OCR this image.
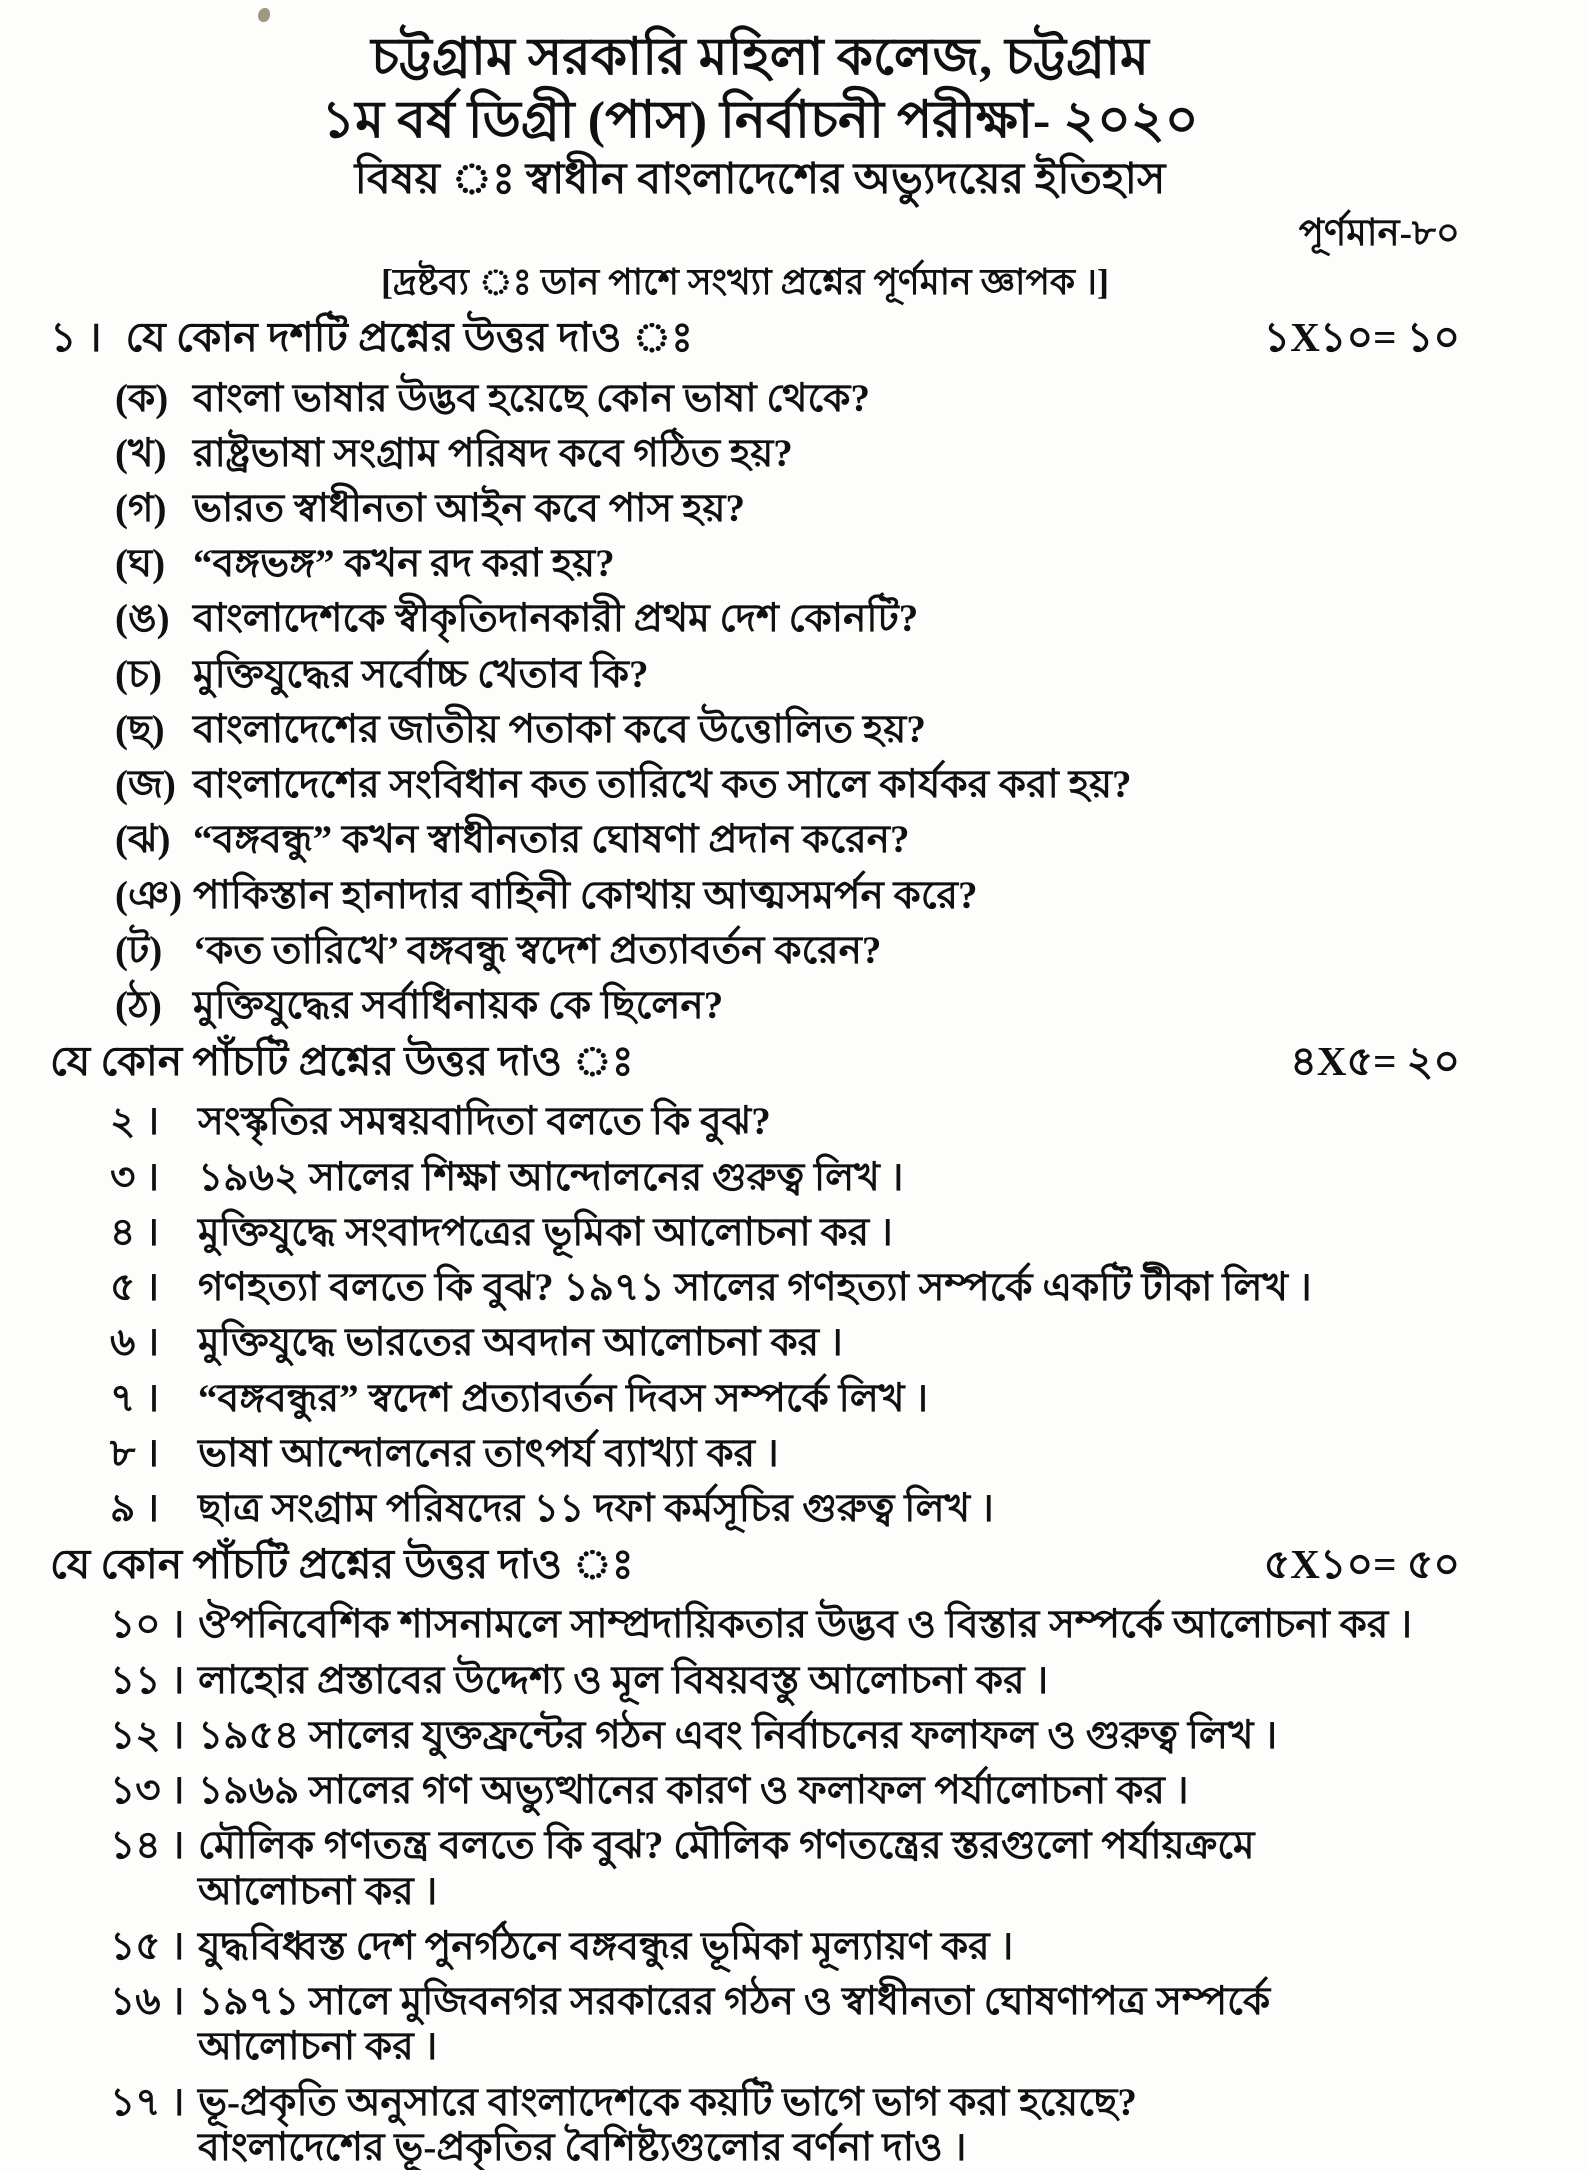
চট্টগ্রাম সরকারি মহিলা কলেজ, চট্টগ্রাম
১ম বর্ষ ডিগ্রী (পাস) নির্বাচনী পরীক্ষা- ২০২০
বিষয় ঃ স্বাধীন বাংলাদেশের অভ্যুদয়ের ইতিহাস
পূর্ণমান-৮০
[দ্রষ্টব্য ঃ ডান পাশে সংখ্যা প্রশ্নের পূর্ণমান জ্ঞাপক ।]
১ । যে কোন দশটি প্রশ্নের উত্তর দাও ঃ	১X১০= ১০
(ক) বাংলা ভাষার উদ্ভব হয়েছে কোন ভাষা থেকে?
(খ) রাষ্ট্রভাষা সংগ্রাম পরিষদ কবে গঠিত হয়?
(গ) ভারত স্বাধীনতা আইন কবে পাস হয়?
(ঘ) “বঙ্গভঙ্গ” কখন রদ করা হয়?
(ঙ) বাংলাদেশকে স্বীকৃতিদানকারী প্রথম দেশ কোনটি?
(চ) মুক্তিযুদ্ধের সর্বোচ্চ খেতাব কি?
(ছ) বাংলাদেশের জাতীয় পতাকা কবে উত্তোলিত হয়?
(জ) বাংলাদেশের সংবিধান কত তারিখে কত সালে কার্যকর করা হয়?
(ঝ) “বঙ্গবন্ধু” কখন স্বাধীনতার ঘোষণা প্রদান করেন?
(ঞ) পাকিস্তান হানাদার বাহিনী কোথায় আত্মসমর্পন করে?
(ট) ‘কত তারিখে’ বঙ্গবন্ধু স্বদেশ প্রত্যাবর্তন করেন?
(ঠ) মুক্তিযুদ্ধের সর্বাধিনায়ক কে ছিলেন?
যে কোন পাঁচটি প্রশ্নের উত্তর দাও ঃ	৪X৫= ২০
২ । সংস্কৃতির সমন্বয়বাদিতা বলতে কি বুঝ?
৩ । ১৯৬২ সালের শিক্ষা আন্দোলনের গুরুত্ব লিখ ।
৪ । মুক্তিযুদ্ধে সংবাদপত্রের ভূমিকা আলোচনা কর ।
৫ । গণহত্যা বলতে কি বুঝ? ১৯৭১ সালের গণহত্যা সম্পর্কে একটি টীকা লিখ ।
৬ । মুক্তিযুদ্ধে ভারতের অবদান আলোচনা কর ।
৭ । “বঙ্গবন্ধুর” স্বদেশ প্রত্যাবর্তন দিবস সম্পর্কে লিখ ।
৮ । ভাষা আন্দোলনের তাৎপর্য ব্যাখ্যা কর ।
৯ । ছাত্র সংগ্রাম পরিষদের ১১ দফা কর্মসূচির গুরুত্ব লিখ ।
যে কোন পাঁচটি প্রশ্নের উত্তর দাও ঃ	৫X১০= ৫০
১০ । ঔপনিবেশিক শাসনামলে সাম্প্রদায়িকতার উদ্ভব ও বিস্তার সম্পর্কে আলোচনা কর ।
১১ । লাহোর প্রস্তাবের উদ্দেশ্য ও মূল বিষয়বস্তু আলোচনা কর ।
১২ । ১৯৫৪ সালের যুক্তফ্রন্টের গঠন এবং নির্বাচনের ফলাফল ও গুরুত্ব লিখ ।
১৩ । ১৯৬৯ সালের গণ অভ্যুত্থানের কারণ ও ফলাফল পর্যালোচনা কর ।
১৪ । মৌলিক গণতন্ত্র বলতে কি বুঝ? মৌলিক গণতন্ত্রের স্তরগুলো পর্যায়ক্রমে
আলোচনা কর ।
১৫ । যুদ্ধবিধ্বস্ত দেশ পুনর্গঠনে বঙ্গবন্ধুর ভূমিকা মূল্যায়ণ কর ।
১৬ । ১৯৭১ সালে মুজিবনগর সরকারের গঠন ও স্বাধীনতা ঘোষণাপত্র সম্পর্কে
আলোচনা কর ।
১৭ । ভূ-প্রকৃতি অনুসারে বাংলাদেশকে কয়টি ভাগে ভাগ করা হয়েছে?
বাংলাদেশের ভূ-প্রকৃতির বৈশিষ্ট্যগুলোর বর্ণনা দাও ।
